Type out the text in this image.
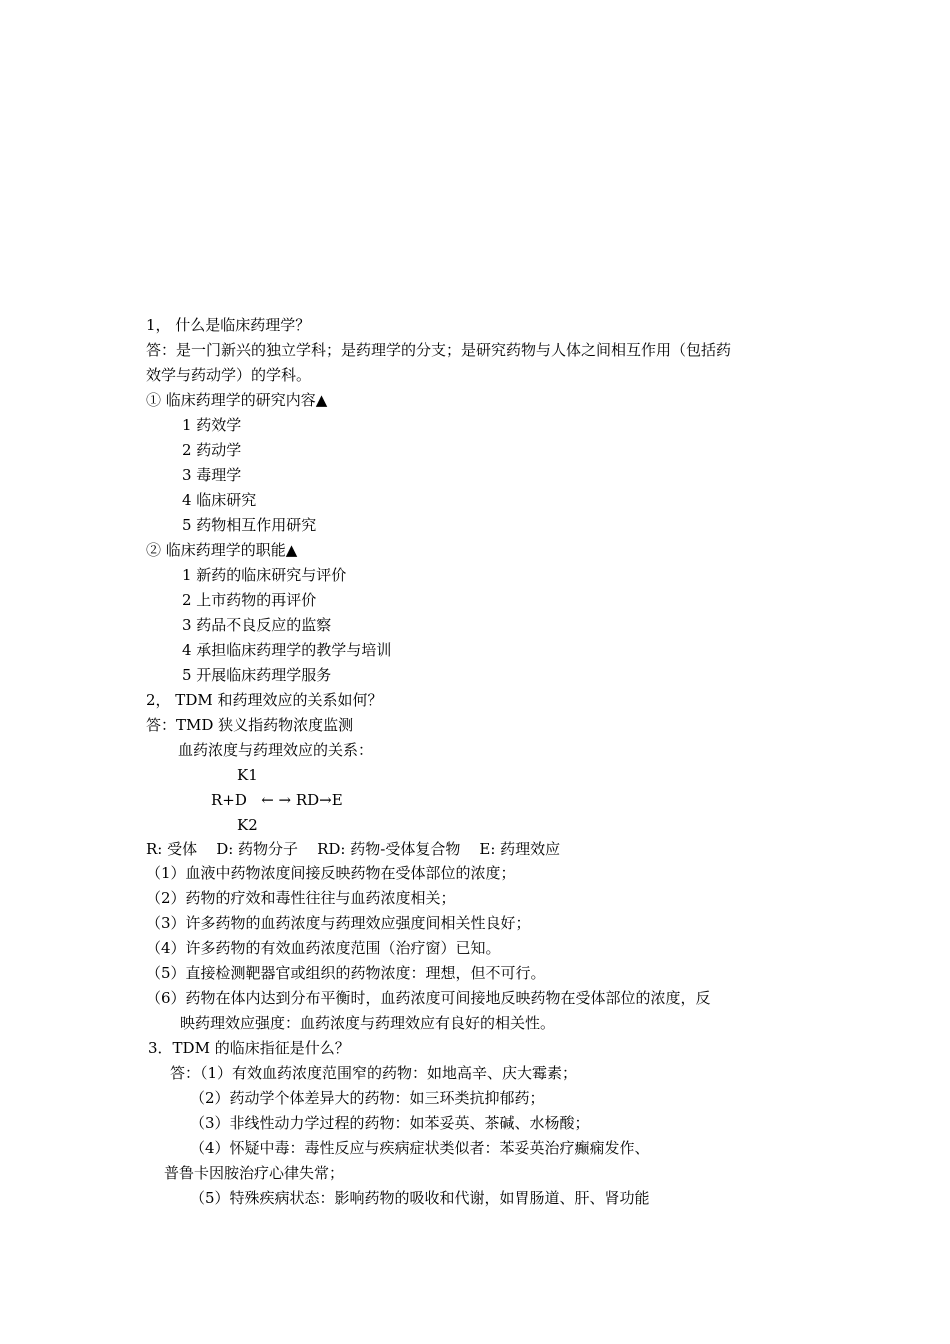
1， 什么是临床药理学？
答：是一门新兴的独立学科；是药理学的分支；是研究药物与人体之间相互作用（包括药
效学与药动学）的学科。
① 临床药理学的研究内容▲
1 药效学
2 药动学
3 毒理学
4 临床研究
5 药物相互作用研究
② 临床药理学的职能▲
1 新药的临床研究与评价
2 上市药物的再评价
3 药品不良反应的监察
4 承担临床药理学的教学与培训
5 开展临床药理学服务
2， TDM 和药理效应的关系如何？
答：TMD 狭义指药物浓度监测
血药浓度与药理效应的关系：
K1
R+D   ← → RD→E
K2
R: 受体    D: 药物分子    RD: 药物-受体复合物    E: 药理效应
（1）血液中药物浓度间接反映药物在受体部位的浓度；
（2）药物的疗效和毒性往往与血药浓度相关；
（3）许多药物的血药浓度与药理效应强度间相关性良好；
（4）许多药物的有效血药浓度范围（治疗窗）已知。
（5）直接检测靶器官或组织的药物浓度：理想，但不可行。
（6）药物在体内达到分布平衡时，血药浓度可间接地反映药物在受体部位的浓度，反
映药理效应强度：血药浓度与药理效应有良好的相关性。
3．TDM 的临床指征是什么？
答：（1）有效血药浓度范围窄的药物：如地高辛、庆大霉素；
（2）药动学个体差异大的药物：如三环类抗抑郁药；
（3）非线性动力学过程的药物：如苯妥英、茶碱、水杨酸；
（4）怀疑中毒：毒性反应与疾病症状类似者：苯妥英治疗癫痫发作、
普鲁卡因胺治疗心律失常；
（5）特殊疾病状态：影响药物的吸收和代谢，如胃肠道、肝、肾功能
